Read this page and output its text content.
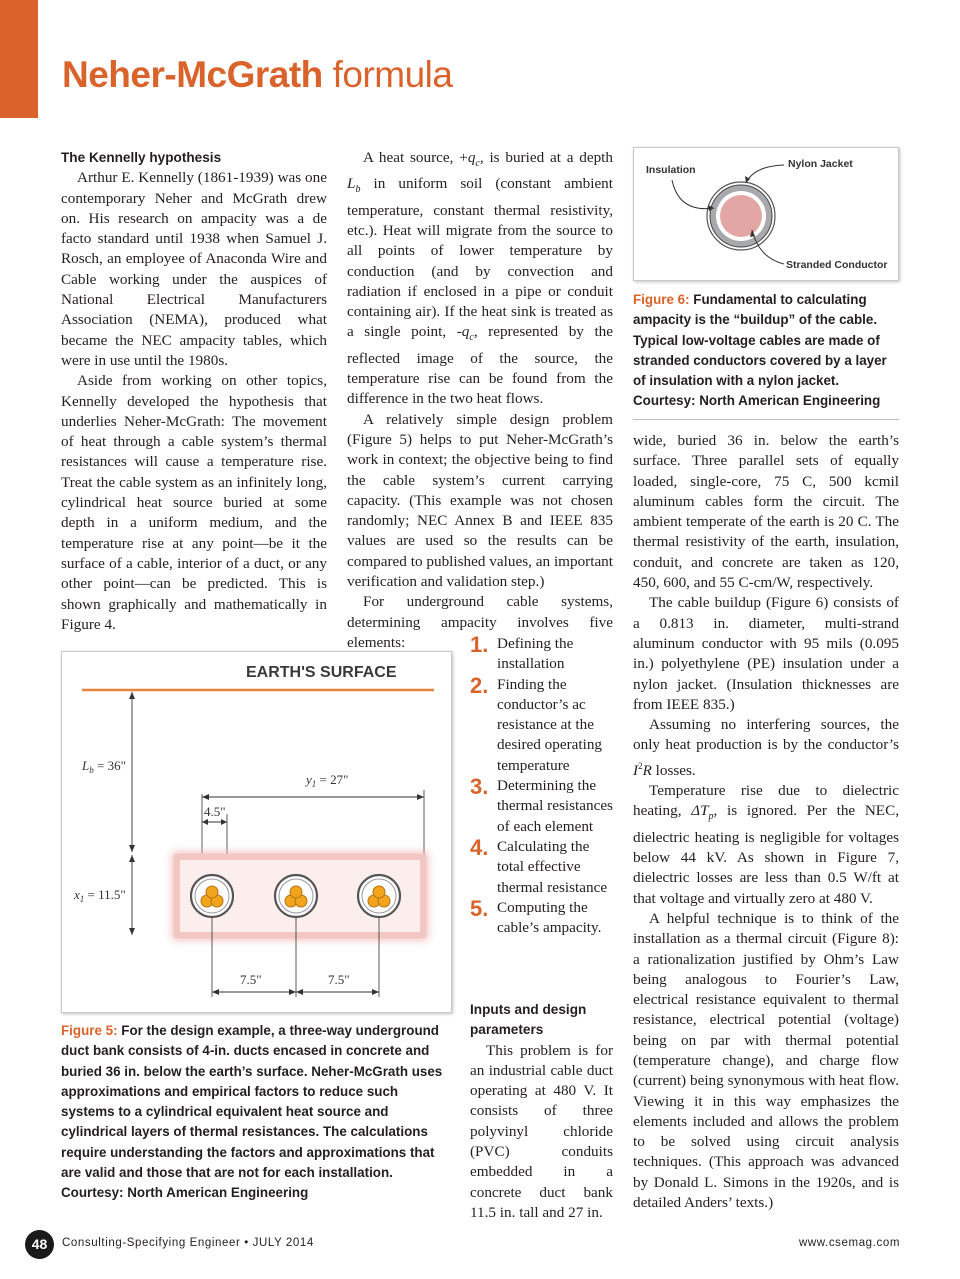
Neher-McGrath formula
The Kennelly hypothesis

Arthur E. Kennelly (1861-1939) was one contemporary Neher and McGrath drew on. His research on ampacity was a de facto standard until 1938 when Samuel J. Rosch, an employee of Anaconda Wire and Cable working under the auspices of National Electrical Manufacturers Association (NEMA), produced what became the NEC ampacity tables, which were in use until the 1980s.

Aside from working on other topics, Kennelly developed the hypothesis that underlies Neher-McGrath: The movement of heat through a cable system’s thermal resistances will cause a temperature rise. Treat the cable system as an infinitely long, cylindrical heat source buried at some depth in a uniform medium, and the temperature rise at any point—be it the surface of a cable, interior of a duct, or any other point—can be predicted. This is shown graphically and mathematically in Figure 4.

A heat source, $+q_c$, is buried at a depth $L_b$ in uniform soil (constant ambient temperature, constant thermal resistivity, etc.). Heat will migrate from the source to all points of lower temperature by conduction (and by convection and radiation if enclosed in a pipe or conduit containing air). If the heat sink is treated as a single point, $-q_c$, represented by the reflected image of the source, the temperature rise can be found from the difference in the two heat flows.

A relatively simple design problem (Figure 5) helps to put Neher-McGrath’s work in context; the objective being to find the cable system’s current carrying capacity. (This example was not chosen randomly; NEC Annex B and IEEE 835 values are used so the results can be compared to published values, an important verification and validation step.)

For underground cable systems, determining ampacity involves five elements:	1. Defining the installation
2. Finding the conductor’s ac resistance at the desired operating temperature
3. Determining the thermal resistances of each element
4. Calculating the total effective thermal resistance
5. Computing the cable’s ampacity.
Inputs and design parameters

This problem is for an industrial cable duct operating at 480 V. It consists of three polyvinyl chloride (PVC) conduits embedded in a concrete duct bank 11.5 in. tall and 27 in.

Insulation	Nylon Jacket
Stranded Conductor
Figure 6: Fundamental to calculating ampacity is the “buildup” of the cable. Typical low-voltage cables are made of stranded conductors covered by a layer of insulation with a nylon jacket. Courtesy: North American Engineering

wide, buried 36 in. below the earth’s surface. Three parallel sets of equally loaded, single-core, 75 C, 500 kcmil aluminum cables form the circuit. The ambient temperate of the earth is 20 C. The thermal resistivity of the earth, insulation, conduit, and concrete are taken as 120, 450, 600, and 55 C-cm/W, respectively.

The cable buildup (Figure 6) consists of a 0.813 in. diameter, multi-strand aluminum conductor with 95 mils (0.095 in.) polyethylene (PE) insulation under a nylon jacket. (Insulation thicknesses are from IEEE 835.)

Assuming no interfering sources, the only heat production is by the conductor’s $I^2R$ losses.

Temperature rise due to dielectric heating, $\Delta T_p$, is ignored. Per the NEC, dielectric heating is negligible for voltages below 44 kV. As shown in Figure 7, dielectric losses are less than 0.5 W/ft at that voltage and virtually zero at 480 V.

A helpful technique is to think of the installation as a thermal circuit (Figure 8): a rationalization justified by Ohm’s Law being analogous to Fourier’s Law, electrical resistance equivalent to thermal resistance, electrical potential (voltage) being on par with thermal potential (temperature change), and charge flow (current) being synonymous with heat flow. Viewing it in this way emphasizes the elements included and allows the problem to be solved using circuit analysis techniques. (This approach was advanced by Donald L. Simons in the 1920s, and is detailed Anders’ texts.)

EARTH'S SURFACE
$L_b = 36$"
$y_1 = 27$"
4.5"
$x_1 = 11.5$"
7.5"	7.5"
Figure 5: For the design example, a three-way underground duct bank consists of 4-in. ducts encased in concrete and buried 36 in. below the earth’s surface. Neher-McGrath uses approximations and empirical factors to reduce such systems to a cylindrical equivalent heat source and cylindrical layers of thermal resistances. The calculations require understanding the factors and approximations that are valid and those that are not for each installation. Courtesy: North American Engineering
48	Consulting-Specifying Engineer • JULY 2014	www.csemag.com
